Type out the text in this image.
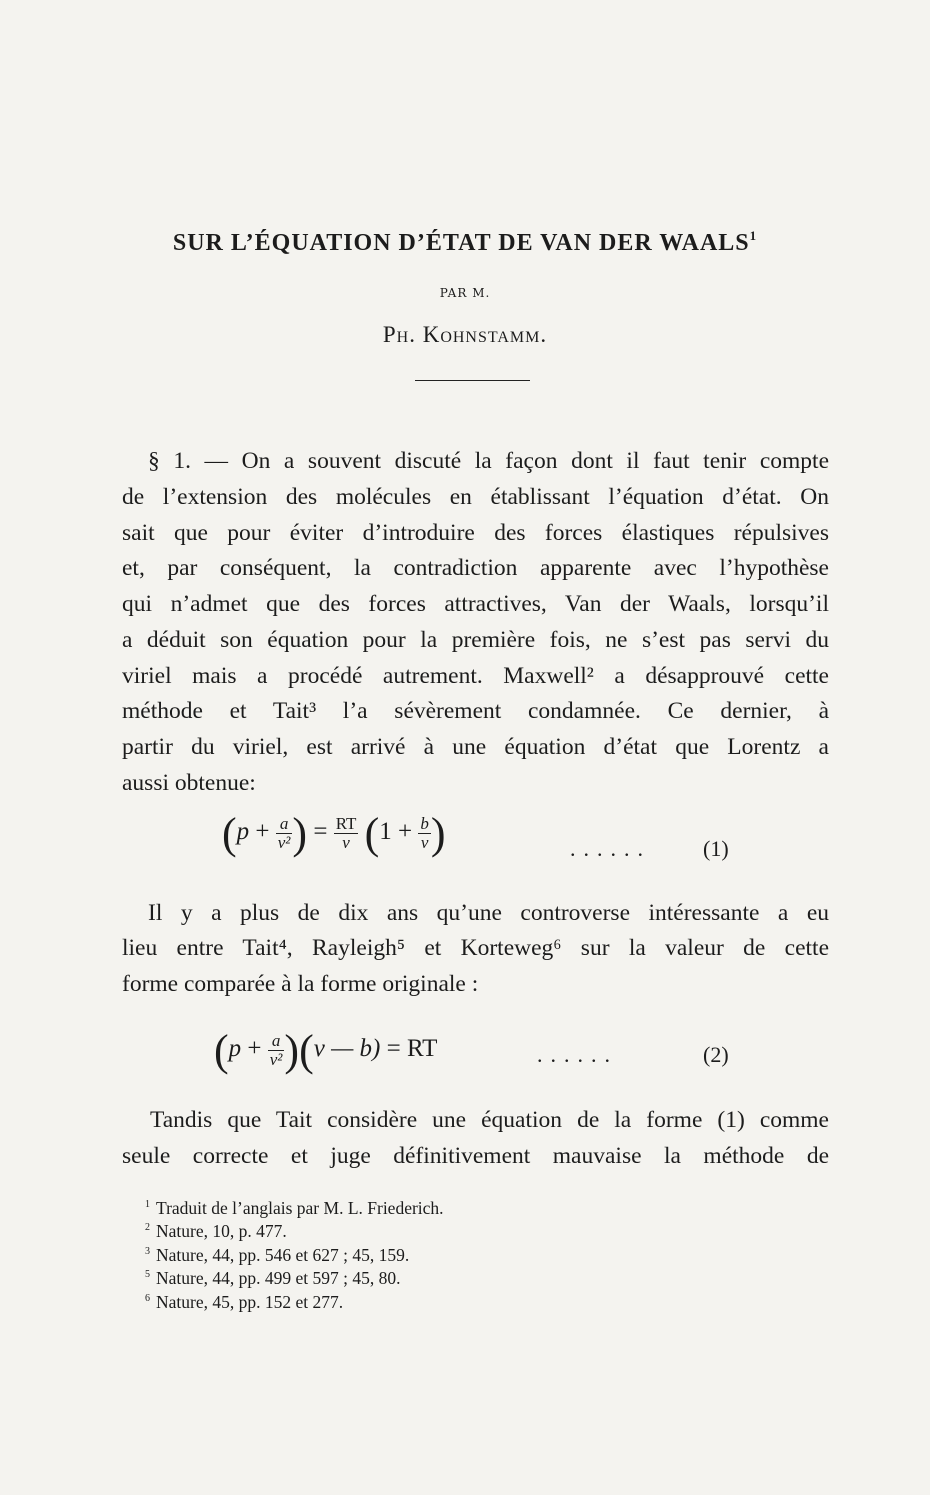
SUR L’ÉQUATION D’ÉTAT DE VAN DER WAALS$^1$
PAR M.
Ph. Kohnstamm.
§ 1. — On a souvent discuté la façon dont il faut tenir compte
de l’extension des molécules en établissant l’équation d’état. On
sait que pour éviter d’introduire des forces élastiques répulsives
et, par conséquent, la contradiction apparente avec l’hypothèse
qui n’admet que des forces attractives, Van der Waals, lorsqu’il
a déduit son équation pour la première fois, ne s’est pas servi du
viriel mais a procédé autrement. Maxwell² a désapprouvé cette
méthode et Tait³ l’a sévèrement condamnée. Ce dernier, à
partir du viriel, est arrivé à une équation d’état que Lorentz a
aussi obtenue:
($p + \frac{a}{\text{v²}}$ ) = $\frac{RT}{v} (1 + \frac{b}{v}$ )	...... (1)
Il y a plus de dix ans qu’une controverse intéressante a eu
lieu entre Tait⁴, Rayleigh⁵ et Korteweg⁶ sur la valeur de cette
forme comparée à la forme originale :
$(p + \frac{a}{\text{v²}} )(v$ — b) = RT	......	(2)
Tandis que Tait considère une équation de la forme (1) comme
seule correcte et juge définitivement mauvaise la méthode de
$^1$ Traduit de l’anglais par M. L. Friederich.
$^2$ Nature, 10, p. 477.
$^3$ Nature, 44, pp. 546 et 627 ; 45, 159.
$^5$ Nature, 44, pp. 499 et 597 ; 45, 80.
$^6$ Nature, 45, pp. 152 et 277.
